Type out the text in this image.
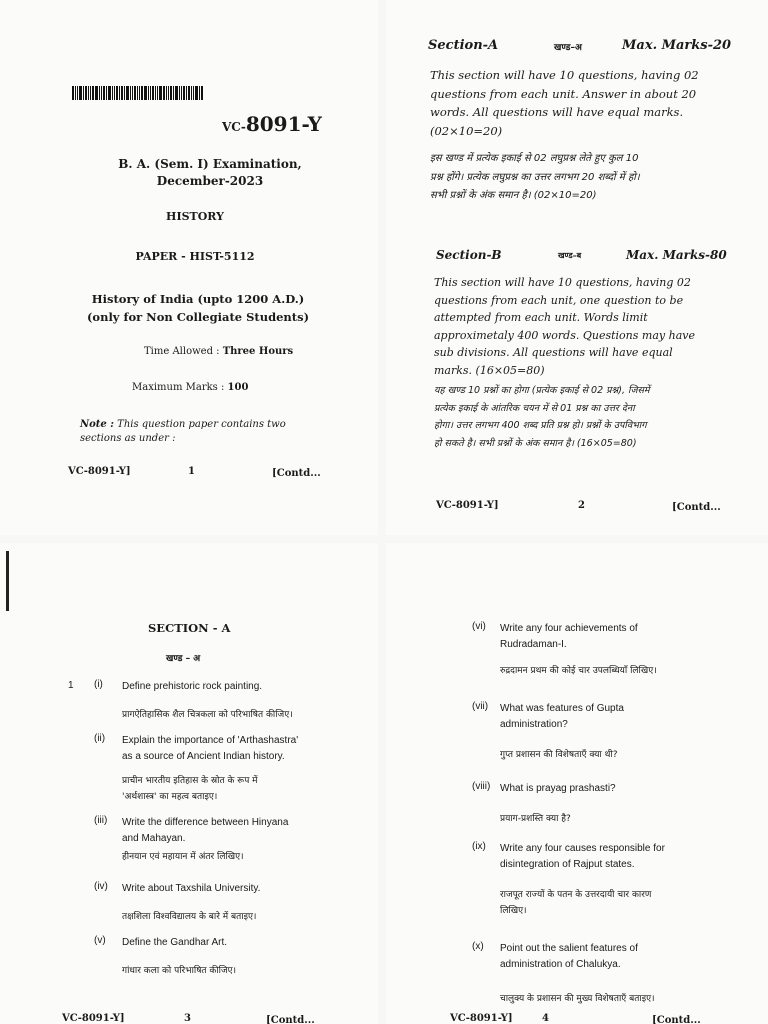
VC-8091-Y
B. A. (Sem. I) Examination,
December-2023
HISTORY
PAPER - HIST-5112
History of India (upto 1200 A.D.)
(only for Non Collegiate Students)
Time Allowed : Three Hours
Maximum Marks : 100
Note : This question paper contains two
sections as under :
VC-8091-Y]	1	[Contd...
Section-A	खण्ड–अ	Max. Marks-20
This section will have 10 questions, having 02
questions from each unit. Answer in about 20
words. All questions will have equal marks.
(02×10=20)
इस खण्ड में प्रत्येक इकाई से 02 लघुप्रश्न लेते हुए कुल 10
प्रश्न होंगे। प्रत्येक लघुप्रश्न का उत्तर लगभग 20 शब्दों में हो।
सभी प्रश्नों के अंक समान है। (02×10=20)
Section-B	खण्ड–ब	Max. Marks-80
This section will have 10 questions, having 02
questions from each unit, one question to be
attempted from each unit. Words limit
approximetaly 400 words. Questions may have
sub divisions. All questions will have equal
marks. (16×05=80)
यह खण्ड 10 प्रश्नों का होगा (प्रत्येक इकाई से 02 प्रश्न), जिसमें
प्रत्येक इकाई के आंतरिक चयन में से 01 प्रश्न का उत्तर देना
होगा। उत्तर लगभग 400 शब्द प्रति प्रश्न हो। प्रश्नों के उपविभाग
हो सकते है। सभी प्रश्नों के अंक समान है। (16×05=80)
VC-8091-Y]	2	[Contd...
SECTION - A
खण्ड – अ
1 (i) Define prehistoric rock painting.
प्रागऐतिहासिक शैल चित्रकला को परिभाषित कीजिए।
(ii) Explain the importance of 'Arthashastra'
as a source of Ancient Indian history.
प्राचीन भारतीय इतिहास के स्रोत के रूप में
'अर्थशास्त्र' का महत्व बताइए।
(iii) Write the difference between Hinyana
and Mahayan.
हीनयान एवं महायान में अंतर लिखिए।
(iv) Write about Taxshila University.
तक्षशिला विश्वविद्यालय के बारे में बताइए।
(v) Define the Gandhar Art.
गांधार कला को परिभाषित कीजिए।
VC-8091-Y]	3	[Contd...
(vi) Write any four achievements of
Rudradaman-I.
रुद्रदामन प्रथम की कोई चार उपलब्धियाँ लिखिए।
(vii) What was features of Gupta
administration?
गुप्त प्रशासन की विशेषताएँ क्या थी?
(viii) What is prayag prashasti?
प्रयाग-प्रशस्ति क्या है?
(ix) Write any four causes responsible for
disintegration of Rajput states.
राजपूत राज्यों के पतन के उत्तरदायी चार कारण
लिखिए।
(x) Point out the salient features of
administration of Chalukya.
चालुक्य के प्रशासन की मुख्य विशेषताएँ बताइए।
VC-8091-Y]	4	[Contd...
